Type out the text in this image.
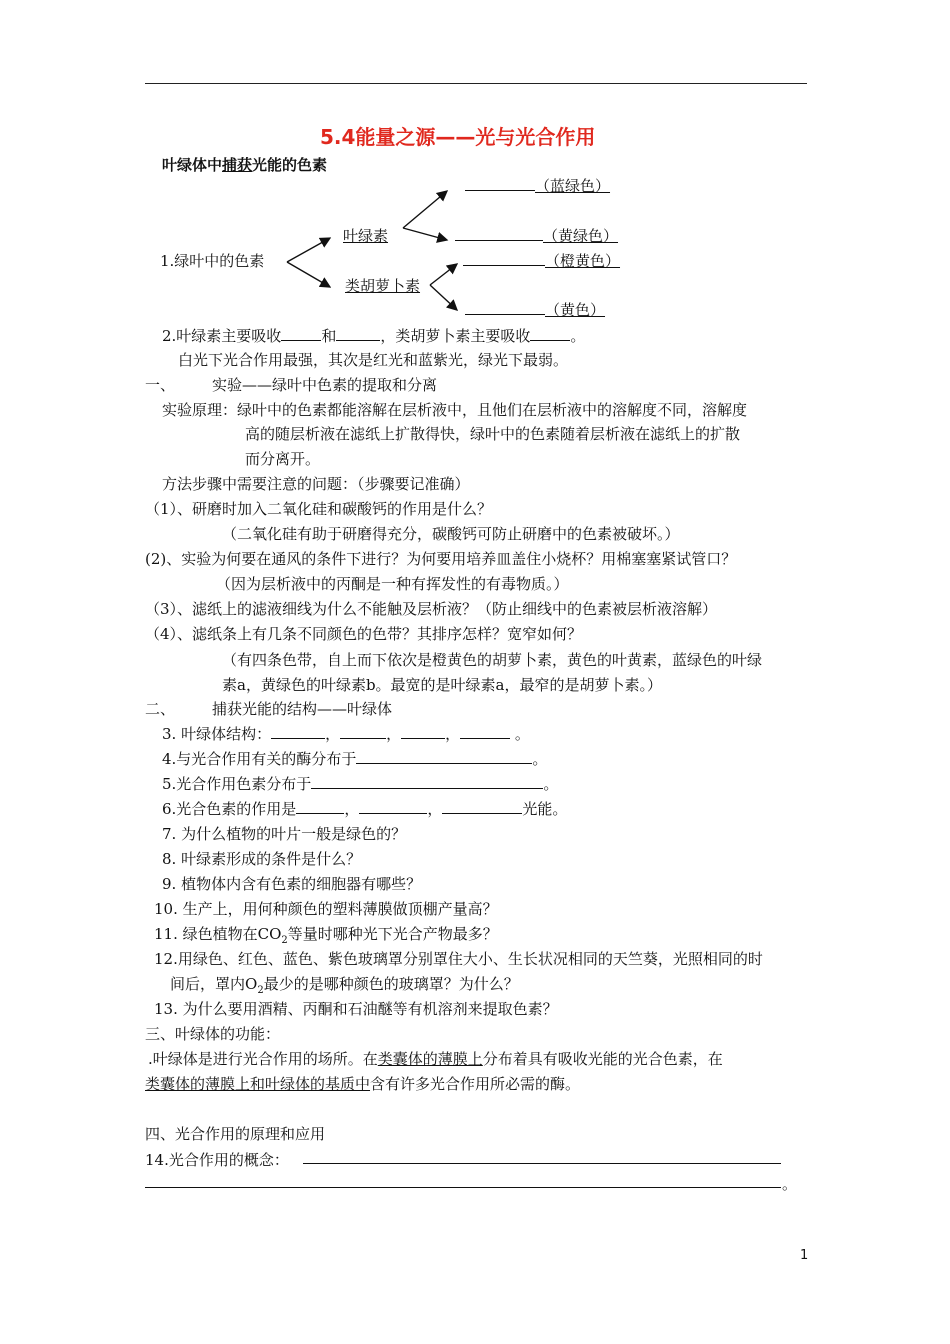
5.4能量之源——光与光合作用
叶绿体中捕获光能的色素
（蓝绿色）
叶绿素	（黄绿色）
1.绿叶中的色素	（橙黄色）
类胡萝卜素
（黄色）
2.叶绿素主要吸收	和	，类胡萝卜素主要吸收	。
白光下光合作用最强，其次是红光和蓝紫光，绿光下最弱。
一、 实验——绿叶中色素的提取和分离
实验原理：绿叶中的色素都能溶解在层析液中，且他们在层析液中的溶解度不同，溶解度
高的随层析液在滤纸上扩散得快，绿叶中的色素随着层析液在滤纸上的扩散
而分离开。
方法步骤中需要注意的问题：（步骤要记准确）
（1）、研磨时加入二氧化硅和碳酸钙的作用是什么？
（二氧化硅有助于研磨得充分，碳酸钙可防止研磨中的色素被破坏。）
(2)、实验为何要在通风的条件下进行？为何要用培养皿盖住小烧杯？用棉塞塞紧试管口？
（因为层析液中的丙酮是一种有挥发性的有毒物质。）
（3）、滤纸上的滤液细线为什么不能触及层析液？（防止细线中的色素被层析液溶解）
（4）、滤纸条上有几条不同颜色的色带？其排序怎样？宽窄如何？
（有四条色带，自上而下依次是橙黄色的胡萝卜素，黄色的叶黄素，蓝绿色的叶绿
素a，黄绿色的叶绿素b。最宽的是叶绿素a，最窄的是胡萝卜素。）
二、 捕获光能的结构——叶绿体
3. 叶绿体结构：	，	，	，	。
4.与光合作用有关的酶分布于	。
5.光合作用色素分布于	。
6.光合色素的作用是	，	，	光能。
7. 为什么植物的叶片一般是绿色的？
8. 叶绿素形成的条件是什么？
9. 植物体内含有色素的细胞器有哪些？
10. 生产上，用何种颜色的塑料薄膜做顶棚产量高？
11. 绿色植物在$CO_2$等量时哪种光下光合产物最多？
12.用绿色、红色、蓝色、紫色玻璃罩分别罩住大小、生长状况相同的天竺葵，光照相同的时
间后，罩内$O_2$最少的是哪种颜色的玻璃罩？为什么？
13. 为什么要用酒精、丙酮和石油醚等有机溶剂来提取色素？
三、叶绿体的功能：
.叶绿体是进行光合作用的场所。在类囊体的薄膜上分布着具有吸收光能的光合色素，在
类囊体的薄膜上和叶绿体的基质中含有许多光合作用所必需的酶。
四、光合作用的原理和应用
14.光合作用的概念：
。
1
